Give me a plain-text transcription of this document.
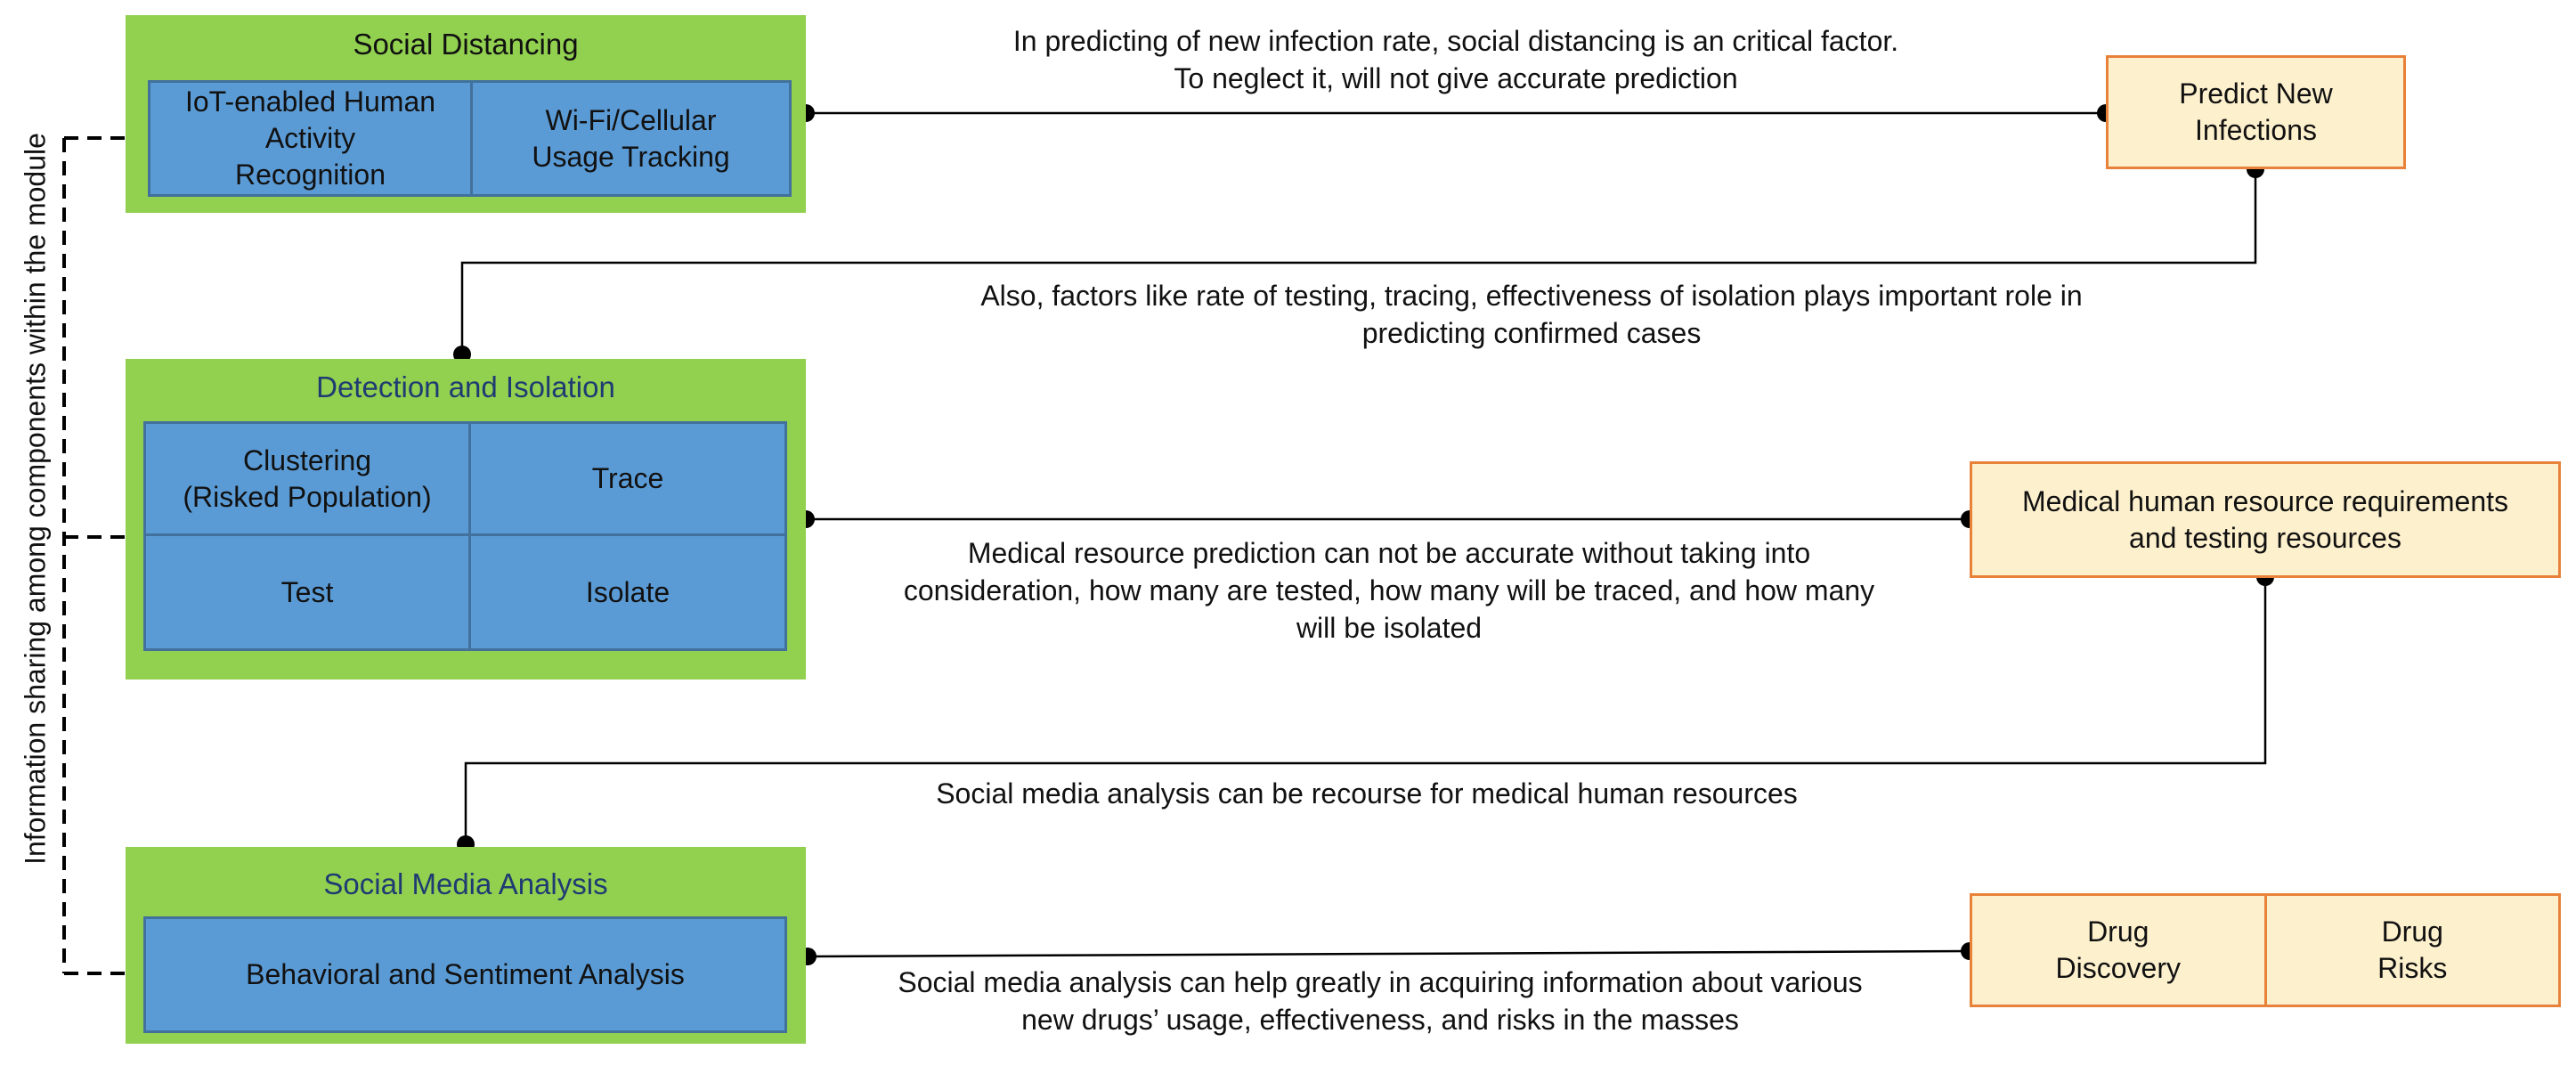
Information sharing among components within the module
Social Distancing
IoT-enabled Human
Activity
Recognition
Wi-Fi/Cellular
Usage Tracking
Detection and Isolation
Clustering
(Risked Population)
Trace
Test	Isolate
Social Media Analysis
Behavioral and Sentiment Analysis
Predict New
Infections
Medical human resource requirements
and testing resources
Drug
Discovery
Drug
Risks
In predicting of new infection rate, social distancing is an critical factor.
To neglect it, will not give accurate prediction
Also, factors like rate of testing, tracing, effectiveness of isolation plays important role in
predicting confirmed cases
Medical resource prediction can not be accurate without taking into
consideration, how many are tested, how many will be traced, and how many
will be isolated
Social media analysis can be recourse for medical human resources
Social media analysis can help greatly in acquiring information about various
new drugs’ usage, effectiveness, and risks in the masses
